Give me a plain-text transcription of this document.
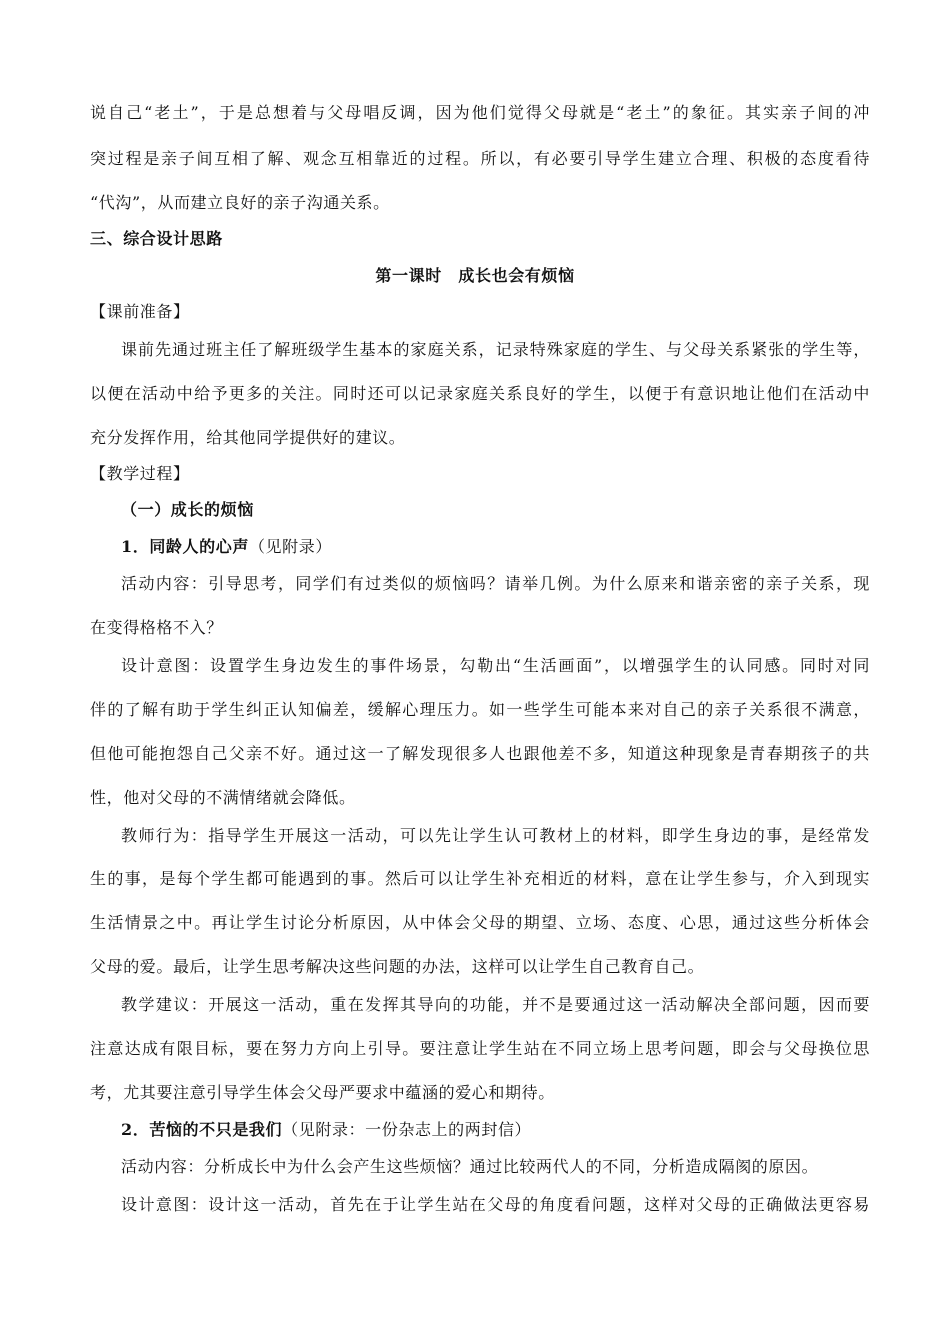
说自己“老土”，于是总想着与父母唱反调，因为他们觉得父母就是“老土”的象征。其实亲子间的冲
突过程是亲子间互相了解、观念互相靠近的过程。所以，有必要引导学生建立合理、积极的态度看待
“代沟”，从而建立良好的亲子沟通关系。
三、综合设计思路
第一课时　成长也会有烦恼
【课前准备】
课前先通过班主任了解班级学生基本的家庭关系，记录特殊家庭的学生、与父母关系紧张的学生等，
以便在活动中给予更多的关注。同时还可以记录家庭关系良好的学生，以便于有意识地让他们在活动中
充分发挥作用，给其他同学提供好的建议。
【教学过程】
（一）成长的烦恼
1．同龄人的心声（见附录）
活动内容：引导思考，同学们有过类似的烦恼吗？请举几例。为什么原来和谐亲密的亲子关系，现
在变得格格不入？
设计意图：设置学生身边发生的事件场景，勾勒出“生活画面”，以增强学生的认同感。同时对同
伴的了解有助于学生纠正认知偏差，缓解心理压力。如一些学生可能本来对自己的亲子关系很不满意，
但他可能抱怨自己父亲不好。通过这一了解发现很多人也跟他差不多，知道这种现象是青春期孩子的共
性，他对父母的不满情绪就会降低。
教师行为：指导学生开展这一活动，可以先让学生认可教材上的材料，即学生身边的事，是经常发
生的事，是每个学生都可能遇到的事。然后可以让学生补充相近的材料，意在让学生参与，介入到现实
生活情景之中。再让学生讨论分析原因，从中体会父母的期望、立场、态度、心思，通过这些分析体会
父母的爱。最后，让学生思考解决这些问题的办法，这样可以让学生自己教育自己。
教学建议：开展这一活动，重在发挥其导向的功能，并不是要通过这一活动解决全部问题，因而要
注意达成有限目标，要在努力方向上引导。要注意让学生站在不同立场上思考问题，即会与父母换位思
考，尤其要注意引导学生体会父母严要求中蕴涵的爱心和期待。
2．苦恼的不只是我们（见附录：一份杂志上的两封信）
活动内容：分析成长中为什么会产生这些烦恼？通过比较两代人的不同，分析造成隔阂的原因。
设计意图：设计这一活动，首先在于让学生站在父母的角度看问题，这样对父母的正确做法更容易
